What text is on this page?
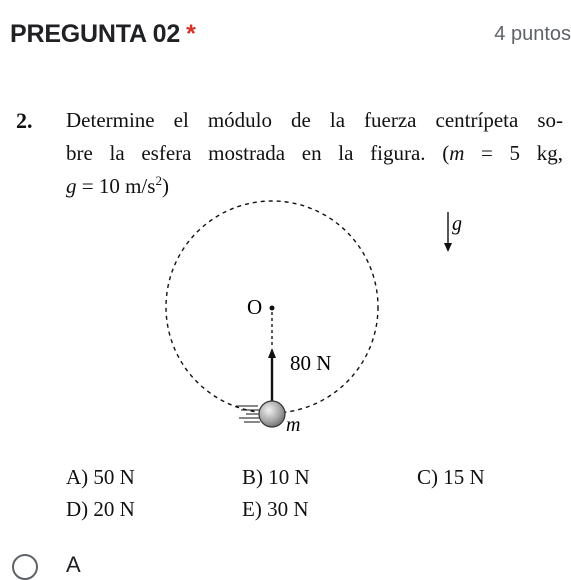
PREGUNTA 02 *	4 puntos
2. Determine el módulo de la fuerza centrípeta so-
bre la esfera mostrada en la figura. (m = 5 kg,
g = 10 $m/s^2$)
g
O
80 N
m
A) 50 N	B) 10 N	C) 15 N
D) 20 N	E) 30 N
A
